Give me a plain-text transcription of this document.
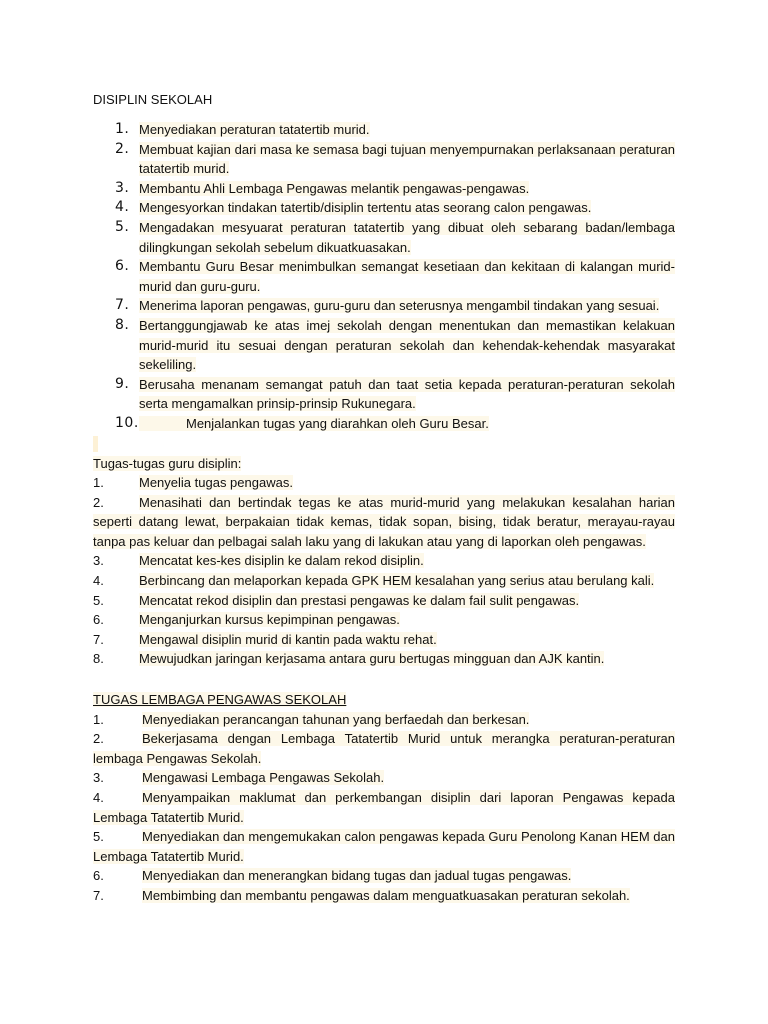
DISIPLIN SEKOLAH
1. Menyediakan peraturan tatatertib murid.
2. Membuat kajian dari masa ke semasa bagi tujuan menyempurnakan perlaksanaan peraturan tatatertib murid.
3. Membantu Ahli Lembaga Pengawas melantik pengawas-pengawas.
4. Mengesyorkan tindakan tatertib/disiplin tertentu atas seorang calon pengawas.
5. Mengadakan mesyuarat peraturan tatatertib yang dibuat oleh sebarang badan/lembaga dilingkungan sekolah sebelum dikuatkuasakan.
6. Membantu Guru Besar menimbulkan semangat kesetiaan dan kekitaan di kalangan murid-murid dan guru-guru.
7. Menerima laporan pengawas, guru-guru dan seterusnya mengambil tindakan yang sesuai.
8. Bertanggungjawab ke atas imej sekolah dengan menentukan dan memastikan kelakuan murid-murid itu sesuai dengan peraturan sekolah dan kehendak-kehendak masyarakat sekeliling.
9. Berusaha menanam semangat patuh dan taat setia kepada peraturan-peraturan sekolah serta mengamalkan prinsip-prinsip Rukunegara.
10.	Menjalankan tugas yang diarahkan oleh Guru Besar.
Tugas-tugas guru disiplin:
1.	Menyelia tugas pengawas.
2.	Menasihati dan bertindak tegas ke atas murid-murid yang melakukan kesalahan harian seperti datang lewat, berpakaian tidak kemas, tidak sopan, bising, tidak beratur, merayau-rayau tanpa pas keluar dan pelbagai salah laku yang di lakukan atau yang di laporkan oleh pengawas.
3.	Mencatat kes-kes disiplin ke dalam rekod disiplin.
4.	Berbincang dan melaporkan kepada GPK HEM kesalahan yang serius atau berulang kali.
5.	Mencatat rekod disiplin dan prestasi pengawas ke dalam fail sulit pengawas.
6.	Menganjurkan kursus kepimpinan pengawas.
7.	Mengawal disiplin murid di kantin pada waktu rehat.
8.	Mewujudkan jaringan kerjasama antara guru bertugas mingguan dan AJK kantin.
TUGAS LEMBAGA PENGAWAS SEKOLAH
1.	Menyediakan perancangan tahunan yang berfaedah dan berkesan.
2.	Bekerjasama dengan Lembaga Tatatertib Murid untuk merangka peraturan-peraturan lembaga Pengawas Sekolah.
3.	Mengawasi Lembaga Pengawas Sekolah.
4.	Menyampaikan maklumat dan perkembangan disiplin dari laporan Pengawas kepada Lembaga Tatatertib Murid.
5.	Menyediakan dan mengemukakan calon pengawas kepada Guru Penolong Kanan HEM dan Lembaga Tatatertib Murid.
6.	Menyediakan dan menerangkan bidang tugas dan jadual tugas pengawas.
7.	Membimbing dan membantu pengawas dalam menguatkuasakan peraturan sekolah.
